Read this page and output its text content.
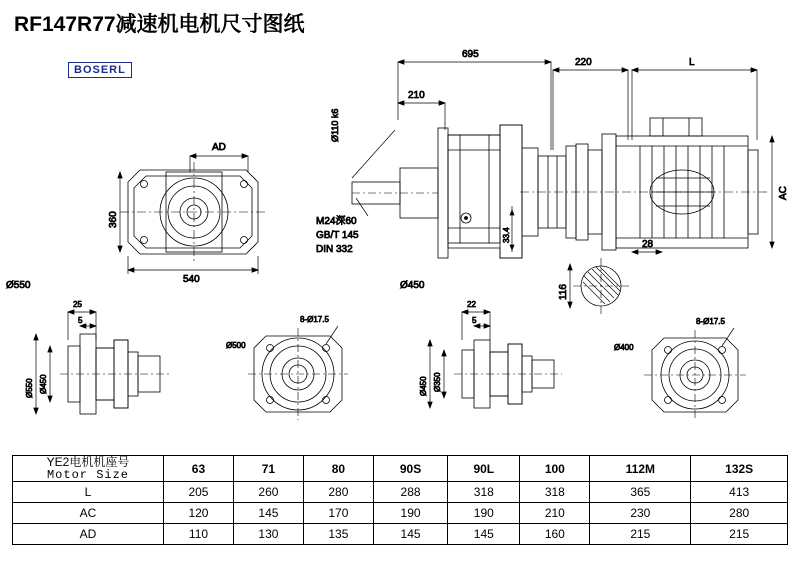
RF147R77减速机电机尺寸图纸
BOSERL
695
220	L
210
Ø110 k6
AC
33.4
M24深60
GB/T 145
DIN 332	28
116
AD
360
540
Ø550	Ø450
25
5
Ø550 Ø450
8-Ø17.5
Ø500
22
5
Ø450 Ø350
8-Ø17.5
Ø400
YE2电机机座号
Motor Size	63	71	80	90S	90L	100	112M	132S
L	205	260	280	288	318	318	365	413
AC	120	145	170	190	190	210	230	280
AD	110	130	135	145	145	160	215	215
